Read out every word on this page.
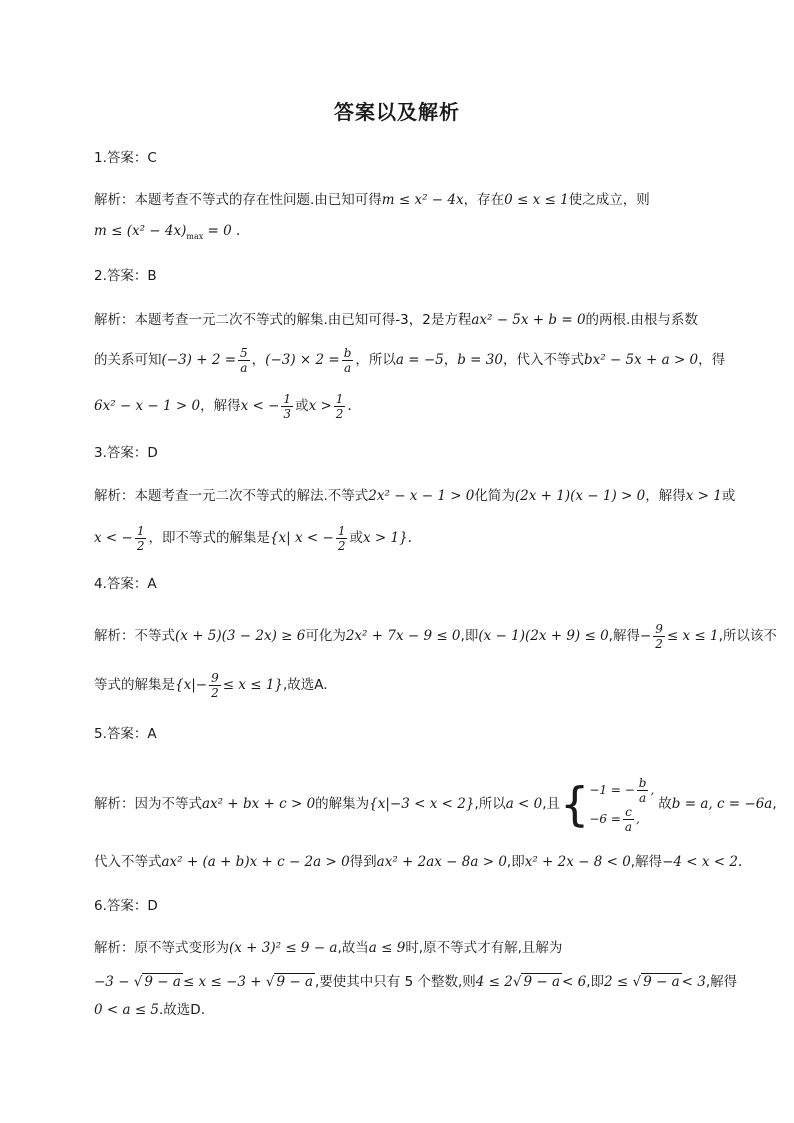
答案以及解析
1.答案：C
解析：本题考查不等式的存在性问题.由已知可得m ≤ x² − 4x，存在0 ≤ x ≤ 1使之成立，则
$m \le (x^2 - 4x)_{max} = 0$ .
2.答案：B
解析：本题考查一元二次不等式的解集.由已知可得-3，2是方程ax² − 5x + b = 0的两根.由根与系数
的关系可知$(-3) + 2 = \frac{5}{a}$ ，$(-3) \times 2 = \frac{b}{a}$ ，所以a = −5，b = 30，代入不等式bx² − 5x + a > 0，得
6x² − x − 1 > 0，解得x < − $\frac{1}{3}$ 或$x > \frac{1}{2}$ .
3.答案：D
解析：本题考查一元二次不等式的解法.不等式2x² − x − 1 > 0化简为(2x + 1)(x − 1) > 0，解得x > 1或
x < − $\frac{1}{2}$ ，即不等式的解集是{x| x < − $\frac{1}{2}$ 或x > 1}.
4.答案：A
解析：不等式(x + 5)(3 − 2x) ≥ 6可化为2x² + 7x − 9 ≤ 0,即(x − 1)(2x + 9) ≤ 0,解得− $\frac{9}{2} \le x \le 1$,所以该不
等式的解集是$\{x|- \frac{9}{2} \le x \le 1\}$,故选A.
5.答案：A
解析：因为不等式ax² + bx + c > 0的解集为{x|−3 < x < 2},所以a < 0,且{ −1 = − $\frac{b}{a}$ ,
$-6 = \frac{c}{a}$ ,
故b = a, c = −6a,
代入不等式ax² + (a + b)x + c − 2a > 0得到ax² + 2ax − 8a > 0,即x² + 2x − 8 < 0,解得−4 < x < 2.
6.答案：D
解析：原不等式变形为(x + 3)² ≤ 9 − a,故当a ≤ 9时,原不等式才有解,且解为
−3 − √ 9 − a ≤ x ≤ −3 + √ 9 − a ,要使其中只有 5 个整数,则4 ≤ 2√ 9 − a < 6,即2 ≤ √ 9 − a < 3,解得
0 < a ≤ 5.故选D.
